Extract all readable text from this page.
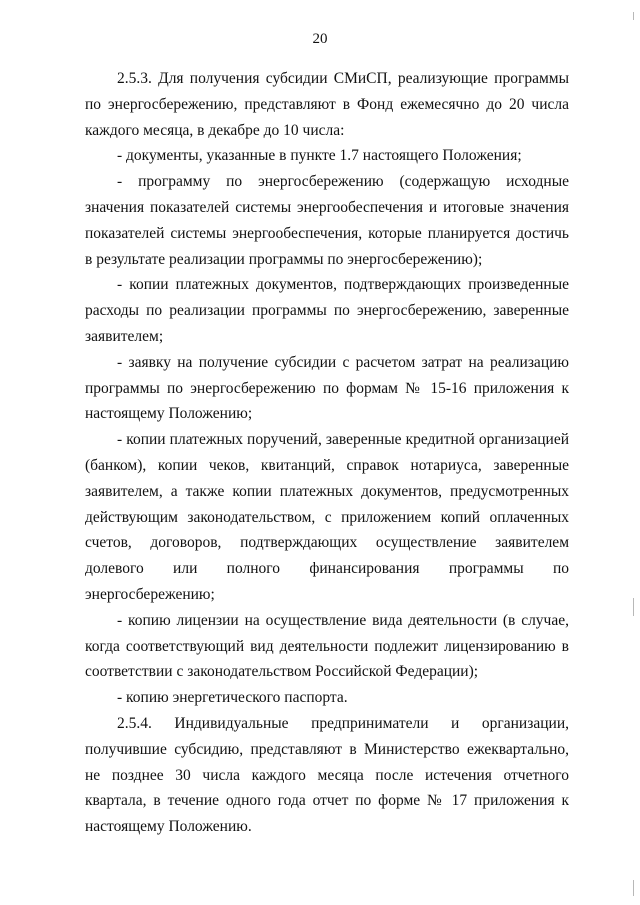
20

2.5.3. Для получения субсидии СМиСП, реализующие программы по энергосбережению, представляют в Фонд ежемесячно до 20 числа каждого месяца, в декабре до 10 числа:

- документы, указанные в пункте 1.7 настоящего Положения;

- программу по энергосбережению (содержащую исходные значения показателей системы энергообеспечения и итоговые значения показателей системы энергообеспечения, которые планируется достичь в результате реализации программы по энергосбережению);

- копии платежных документов, подтверждающих произведенные расходы по реализации программы по энергосбережению, заверенные заявителем;

- заявку на получение субсидии с расчетом затрат на реализацию программы по энергосбережению по формам № 15-16 приложения к настоящему Положению;

- копии платежных поручений, заверенные кредитной организацией (банком), копии чеков, квитанций, справок нотариуса, заверенные заявителем, а также копии платежных документов, предусмотренных действующим законодательством, с приложением копий оплаченных счетов, договоров, подтверждающих осуществление заявителем долевого или полного финансирования программы по энергосбережению;

- копию лицензии на осуществление вида деятельности (в случае, когда соответствующий вид деятельности подлежит лицензированию в соответствии с законодательством Российской Федерации);

- копию энергетического паспорта.

2.5.4. Индивидуальные предприниматели и организации, получившие субсидию, представляют в Министерство ежеквартально, не позднее 30 числа каждого месяца после истечения отчетного квартала, в течение одного года отчет по форме № 17 приложения к настоящему Положению.
